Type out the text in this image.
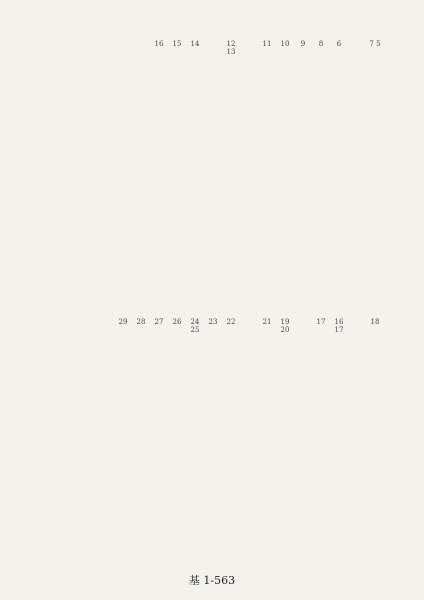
7 5
6
8
9
10
11
12 13
14
15
16
18
16 17
17
19 20
21
22
23
24 25
26
27
28
29
基 1-563
